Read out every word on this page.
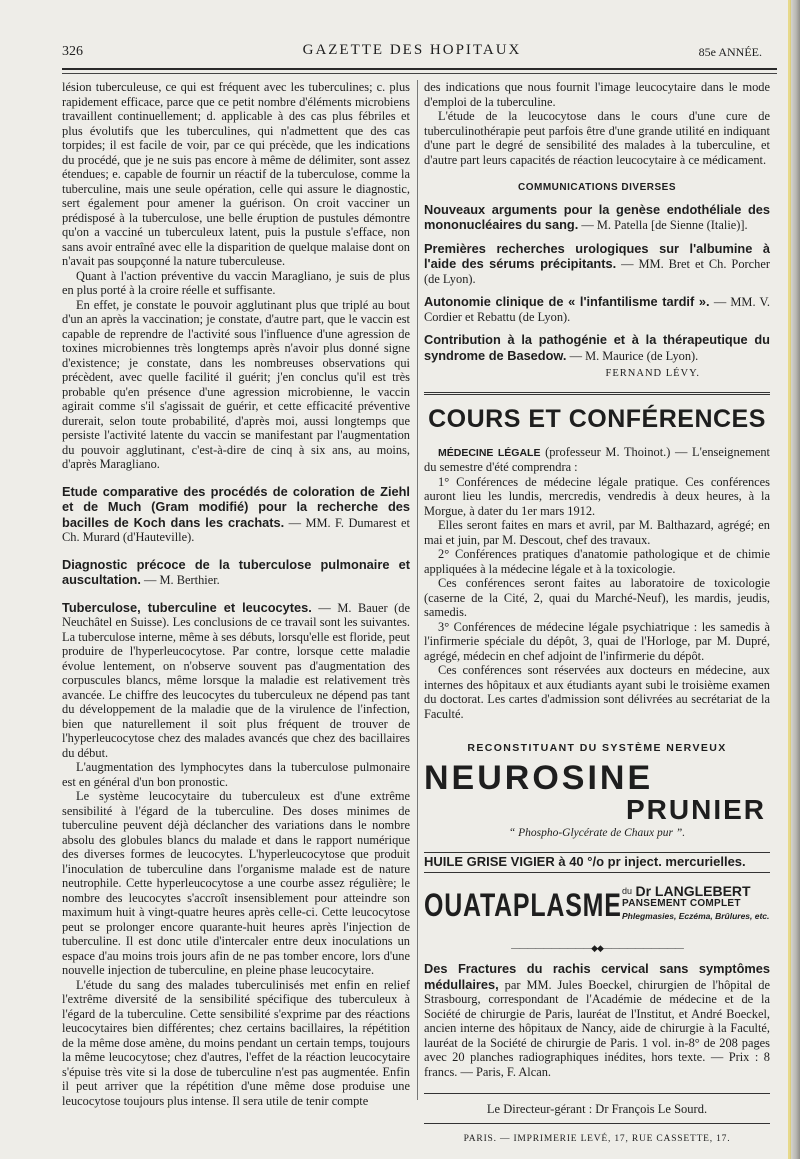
326	GAZETTE DES HOPITAUX	85e ANNÉE.

lésion tuberculeuse, ce qui est fréquent avec les tuberculines; c. plus rapidement efficace, parce que ce petit nombre d'éléments microbiens travaillent continuellement; d. applicable à des cas plus fébriles et plus évolutifs que les tuberculines, qui n'admettent que des cas torpides; il est facile de voir, par ce qui précède, que les indications du procédé, que je ne suis pas encore à même de délimiter, sont assez étendues; e. capable de fournir un réactif de la tuberculose, comme la tuberculine, mais une seule opération, celle qui assure le diagnostic, sert également pour amener la guérison. On croit vacciner un prédisposé à la tuberculose, une belle éruption de pustules démontre qu'on a vacciné un tuberculeux latent, puis la pustule s'efface, non sans avoir entraîné avec elle la disparition de quelque malaise dont on n'avait pas soupçonné la nature tuberculeuse.

Quant à l'action préventive du vaccin Maragliano, je suis de plus en plus porté à la croire réelle et suffisante.

En effet, je constate le pouvoir agglutinant plus que triplé au bout d'un an après la vaccination; je constate, d'autre part, que le vaccin est capable de reprendre de l'activité sous l'influence d'une agression de toxines microbiennes très longtemps après n'avoir plus donné signe d'existence; je constate, dans les nombreuses observations qui précèdent, avec quelle facilité il guérit; j'en conclus qu'il est très probable qu'en présence d'une agression microbienne, le vaccin agirait comme s'il s'agissait de guérir, et cette efficacité préventive durerait, selon toute probabilité, d'après moi, aussi longtemps que persiste l'activité latente du vaccin se manifestant par l'augmentation du pouvoir agglutinant, c'est-à-dire de cinq à six ans, au moins, d'après Maragliano.

Etude comparative des procédés de coloration de Ziehl et de Much (Gram modifié) pour la recherche des bacilles de Koch dans les crachats. — MM. F. Dumarest et Ch. Murard (d'Hauteville).
Diagnostic précoce de la tuberculose pulmonaire et auscultation. — M. Berthier.
Tuberculose, tuberculine et leucocytes. — M. Bauer (de Neuchâtel en Suisse). Les conclusions de ce travail sont les suivantes. La tuberculose interne, même à ses débuts, lorsqu'elle est floride, peut produire de l'hyperleucocytose. Par contre, lorsque cette maladie évolue lentement, on n'observe souvent pas d'augmentation des corpuscules blancs, même lorsque la maladie est relativement très avancée. Le chiffre des leucocytes du tuberculeux ne dépend pas tant du développement de la maladie que de la virulence de l'infection, bien que naturellement il soit plus fréquent de trouver de l'hyperleucocytose chez des malades avancés que chez des bacillaires du début.

L'augmentation des lymphocytes dans la tuberculose pulmonaire est en général d'un bon pronostic.

Le système leucocytaire du tuberculeux est d'une extrême sensibilité à l'égard de la tuberculine. Des doses minimes de tuberculine peuvent déjà déclancher des variations dans le nombre absolu des globules blancs du malade et dans le rapport numérique des diverses formes de leucocytes. L'hyperleucocytose que produit l'inoculation de tuberculine dans l'organisme malade est de nature neutrophile. Cette hyperleucocytose a une courbe assez régulière; le nombre des leucocytes s'accroît insensiblement pour atteindre son maximum huit à vingt-quatre heures après celle-ci. Cette leucocytose peut se prolonger encore quarante-huit heures après l'injection de tuberculine. Il est donc utile d'intercaler entre deux inoculations un espace d'au moins trois jours afin de ne pas tomber encore, lors d'une nouvelle injection de tuberculine, en pleine phase leucocytaire.

L'étude du sang des malades tuberculinisés met enfin en relief l'extrême diversité de la sensibilité spécifique des tuberculeux à l'égard de la tuberculine. Cette sensibilité s'exprime par des réactions leucocytaires bien différentes; chez certains bacillaires, la répétition de la même dose amène, du moins pendant un certain temps, toujours la même leucocytose; chez d'autres, l'effet de la réaction leucocytaire s'épuise très vite si la dose de tuberculine n'est pas augmentée. Enfin il peut arriver que la répétition d'une même dose produise une leucocytose toujours plus intense. Il sera utile de tenir compte

des indications que nous fournit l'image leucocytaire dans le mode d'emploi de la tuberculine.

L'étude de la leucocytose dans le cours d'une cure de tuberculinothérapie peut parfois être d'une grande utilité en indiquant d'une part le degré de sensibilité des malades à la tuberculine, et d'autre part leurs capacités de réaction leucocytaire à ce médicament.

COMMUNICATIONS DIVERSES
Nouveaux arguments pour la genèse endothéliale des mononucléaires du sang. — M. Patella [de Sienne (Italie)].
Premières recherches urologiques sur l'albumine à l'aide des sérums précipitants. — MM. Bret et Ch. Porcher (de Lyon).
Autonomie clinique de « l'infantilisme tardif ». — MM. V. Cordier et Rebattu (de Lyon).
Contribution à la pathogénie et à la thérapeutique du syndrome de Basedow. — M. Maurice (de Lyon).
FERNAND LÉVY.
COURS ET CONFÉRENCES

MÉDECINE LÉGALE (professeur M. Thoinot.) — L'enseignement du semestre d'été comprendra :

1° Conférences de médecine légale pratique. Ces conférences auront lieu les lundis, mercredis, vendredis à deux heures, à la Morgue, à dater du 1er mars 1912.

Elles seront faites en mars et avril, par M. Balthazard, agrégé; en mai et juin, par M. Descout, chef des travaux.

2° Conférences pratiques d'anatomie pathologique et de chimie appliquées à la médecine légale et à la toxicologie.

Ces conférences seront faites au laboratoire de toxicologie (caserne de la Cité, 2, quai du Marché-Neuf), les mardis, jeudis, samedis.

3° Conférences de médecine légale psychiatrique : les samedis à l'infirmerie spéciale du dépôt, 3, quai de l'Horloge, par M. Dupré, agrégé, médecin en chef adjoint de l'infirmerie du dépôt.

Ces conférences sont réservées aux docteurs en médecine, aux internes des hôpitaux et aux étudiants ayant subi le troisième examen du doctorat. Les cartes d'admission sont délivrées au secrétariat de la Faculté.

RECONSTITUANT DU SYSTÈME NERVEUX
NEUROSINE
PRUNIER
“ Phospho-Glycérate de Chaux pur ”.
HUILE GRISE VIGIER à 40 °/o pr inject. mercurielles.
OUATAPLASME $^{du}$ Dr LANGLEBERT
PANSEMENT COMPLET
Phlegmasies, Eczéma, Brûlures, etc.
——————————◆◆——————————
Des Fractures du rachis cervical sans symptômes médullaires, par MM. Jules Boeckel, chirurgien de l'hôpital de Strasbourg, correspondant de l'Académie de médecine et de la Société de chirurgie de Paris, lauréat de l'Institut, et André Boeckel, ancien interne des hôpitaux de Nancy, aide de chirurgie à la Faculté, lauréat de la Société de chirurgie de Paris. 1 vol. in-8° de 208 pages avec 20 planches radiographiques inédites, hors texte. — Prix : 8 francs. — Paris, F. Alcan.
Le Directeur-gérant : Dr François Le Sourd.
PARIS. — IMPRIMERIE LEVÉ, 17, RUE CASSETTE, 17.
